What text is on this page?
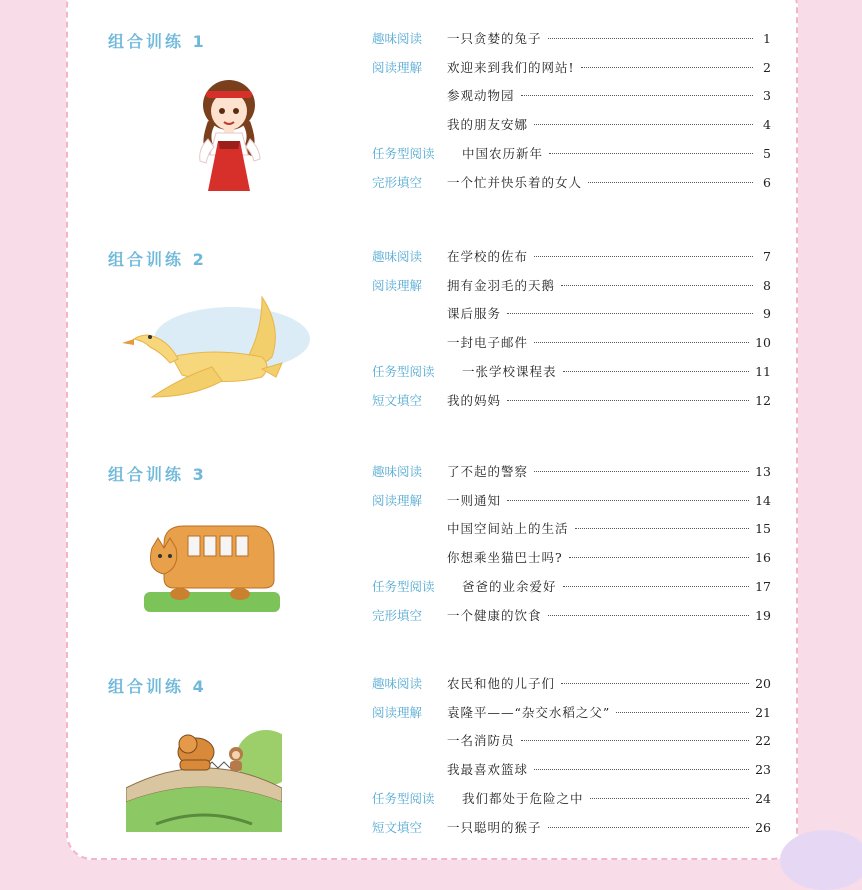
组合训练 1	趣味阅读 一只贪婪的兔子	1
阅读理解 欢迎来到我们的网站!	2
参观动物园	3
我的朋友安娜	4
任务型阅读 中国农历新年	5
完形填空 一个忙并快乐着的女人	6
组合训练 2	趣味阅读 在学校的佐布	7
阅读理解 拥有金羽毛的天鹅	8
课后服务	9
一封电子邮件	10
任务型阅读 一张学校课程表	11
短文填空 我的妈妈	12
组合训练 3	趣味阅读 了不起的警察	13
阅读理解 一则通知	14
中国空间站上的生活	15
你想乘坐猫巴士吗?	16
任务型阅读 爸爸的业余爱好	17
完形填空 一个健康的饮食	19
组合训练 4	趣味阅读 农民和他的儿子们	20
阅读理解 袁隆平——“杂交水稻之父”	21
一名消防员	22
我最喜欢篮球	23
任务型阅读 我们都处于危险之中	24
短文填空 一只聪明的猴子	26
